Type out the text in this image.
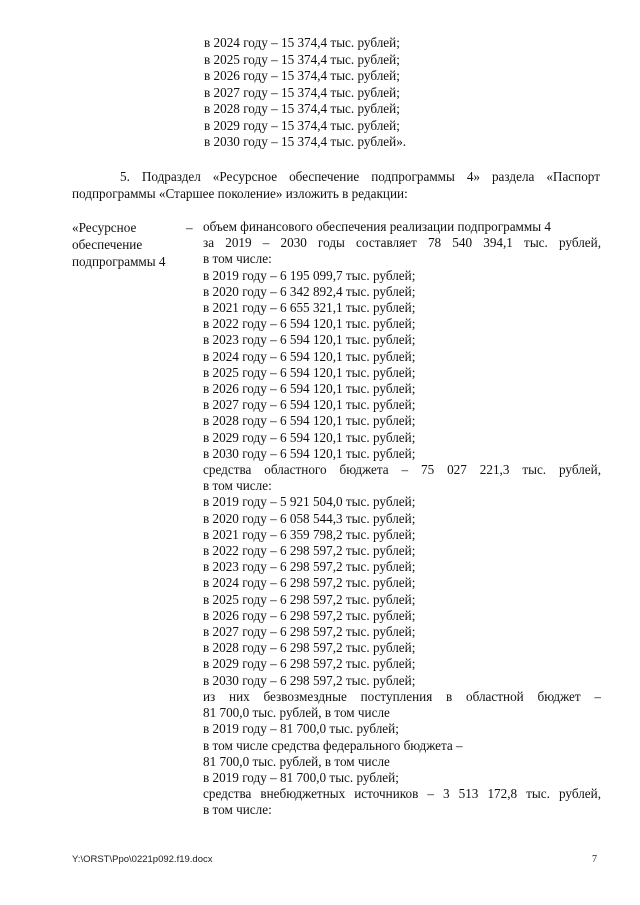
в 2024 году – 15 374,4 тыс. рублей;
в 2025 году – 15 374,4 тыс. рублей;
в 2026 году – 15 374,4 тыс. рублей;
в 2027 году – 15 374,4 тыс. рублей;
в 2028 году – 15 374,4 тыс. рублей;
в 2029 году – 15 374,4 тыс. рублей;
в 2030 году – 15 374,4 тыс. рублей».
5. Подраздел «Ресурсное обеспечение подпрограммы 4» раздела «Паспорт
подпрограммы «Старшее поколение» изложить в редакции:
«Ресурсное
обеспечение
подпрограммы 4
– объем финансового обеспечения реализации подпрограммы 4
за 2019 – 2030 годы составляет 78 540 394,1 тыс. рублей,
в том числе:
в 2019 году – 6 195 099,7 тыс. рублей;
в 2020 году – 6 342 892,4 тыс. рублей;
в 2021 году – 6 655 321,1 тыс. рублей;
в 2022 году – 6 594 120,1 тыс. рублей;
в 2023 году – 6 594 120,1 тыс. рублей;
в 2024 году – 6 594 120,1 тыс. рублей;
в 2025 году – 6 594 120,1 тыс. рублей;
в 2026 году – 6 594 120,1 тыс. рублей;
в 2027 году – 6 594 120,1 тыс. рублей;
в 2028 году – 6 594 120,1 тыс. рублей;
в 2029 году – 6 594 120,1 тыс. рублей;
в 2030 году – 6 594 120,1 тыс. рублей;
средства областного бюджета – 75 027 221,3 тыс. рублей,
в том числе:
в 2019 году – 5 921 504,0 тыс. рублей;
в 2020 году – 6 058 544,3 тыс. рублей;
в 2021 году – 6 359 798,2 тыс. рублей;
в 2022 году – 6 298 597,2 тыс. рублей;
в 2023 году – 6 298 597,2 тыс. рублей;
в 2024 году – 6 298 597,2 тыс. рублей;
в 2025 году – 6 298 597,2 тыс. рублей;
в 2026 году – 6 298 597,2 тыс. рублей;
в 2027 году – 6 298 597,2 тыс. рублей;
в 2028 году – 6 298 597,2 тыс. рублей;
в 2029 году – 6 298 597,2 тыс. рублей;
в 2030 году – 6 298 597,2 тыс. рублей;
из них безвозмездные поступления в областной бюджет –
81 700,0 тыс. рублей, в том числе
в 2019 году – 81 700,0 тыс. рублей;
в том числе средства федерального бюджета –
81 700,0 тыс. рублей, в том числе
в 2019 году – 81 700,0 тыс. рублей;
средства внебюджетных источников – 3 513 172,8 тыс. рублей,
в том числе:
Y:\ORST\Ppo\0221p092.f19.docx	7
